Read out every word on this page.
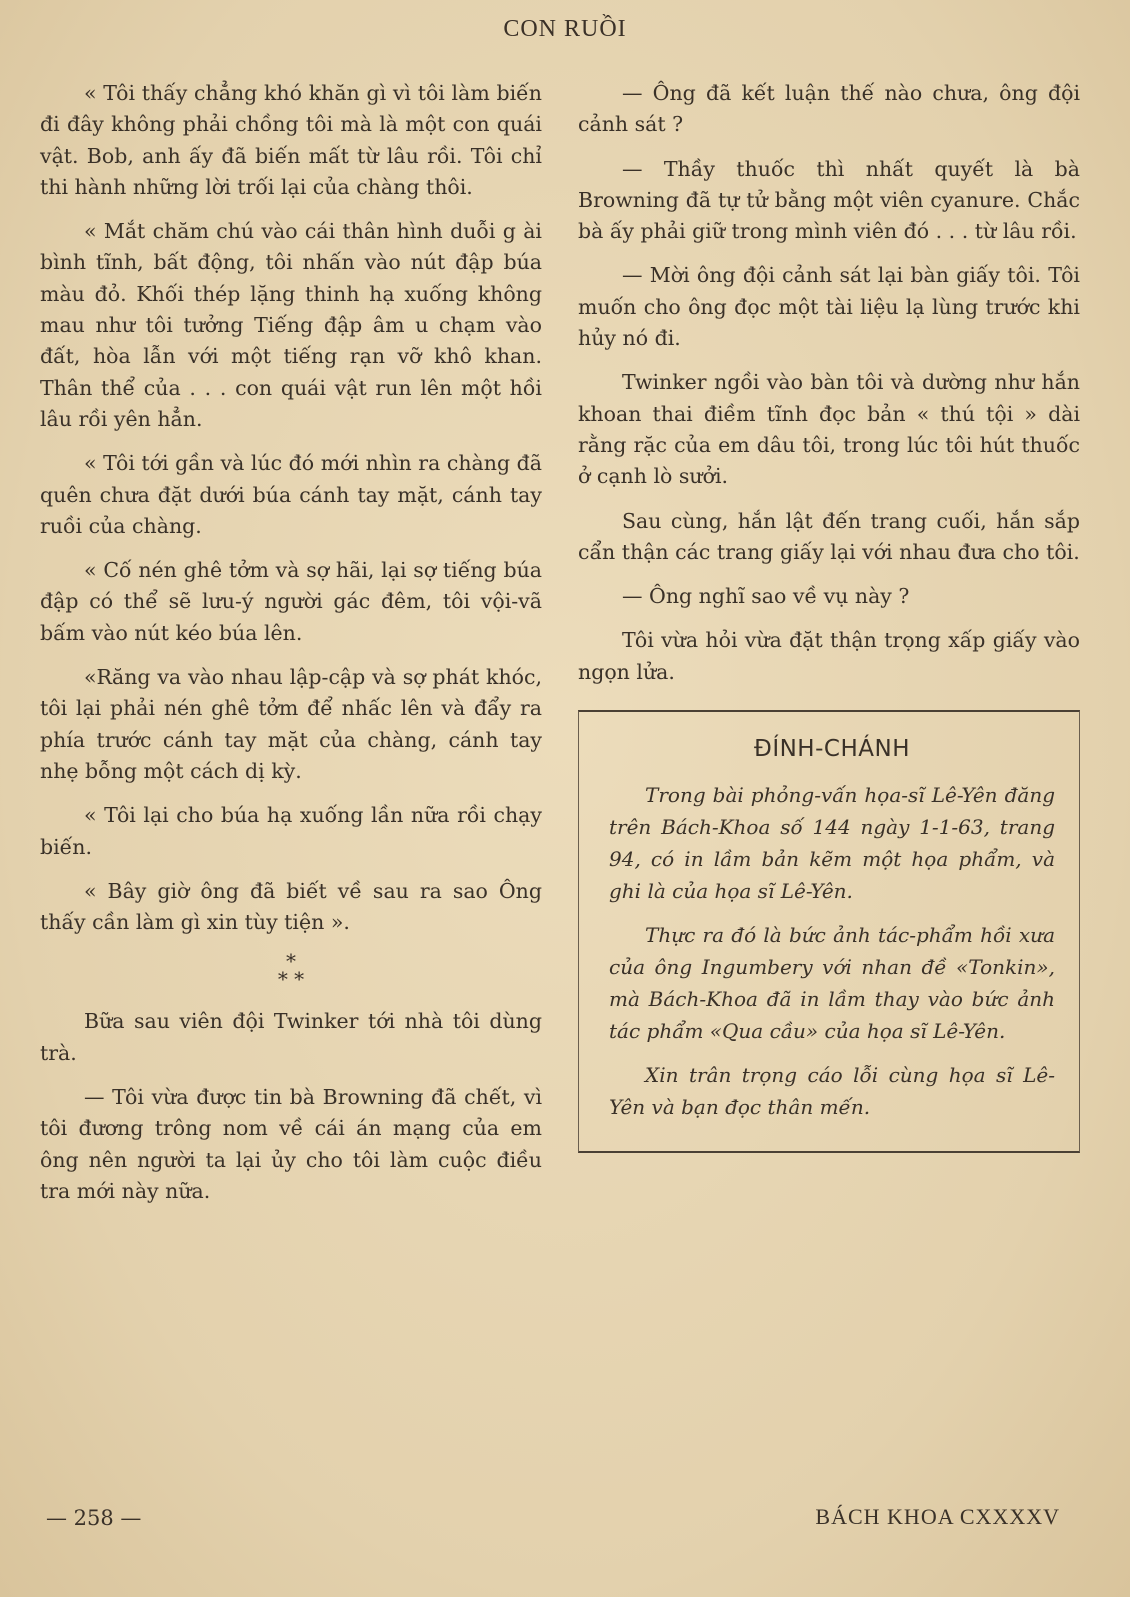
CON RUỒI

« Tôi thấy chẳng khó khăn gì vì tôi làm biến đi đây không phải chồng tôi mà là một con quái vật. Bob, anh ấy đã biến mất từ lâu rồi. Tôi chỉ thi hành những lời trối lại của chàng thôi.

« Mắt chăm chú vào cái thân hình duỗi g ài bình tĩnh, bất động, tôi nhấn vào nút đập búa màu đỏ. Khối thép lặng thinh hạ xuống không mau như tôi tưởng Tiếng đập âm u chạm vào đất, hòa lẫn với một tiếng rạn vỡ khô khan. Thân thể của . . . con quái vật run lên một hồi lâu rồi yên hẳn.

« Tôi tới gần và lúc đó mới nhìn ra chàng đã quên chưa đặt dưới búa cánh tay mặt, cánh tay ruồi của chàng.

« Cố nén ghê tởm và sợ hãi, lại sợ tiếng búa đập có thể sẽ lưu-ý người gác đêm, tôi vội-vã bấm vào nút kéo búa lên.

«Răng va vào nhau lập-cập và sợ phát khóc, tôi lại phải nén ghê tởm để nhấc lên và đẩy ra phía trước cánh tay mặt của chàng, cánh tay nhẹ bỗng một cách dị kỳ.

« Tôi lại cho búa hạ xuống lần nữa rồi chạy biến.

« Bây giờ ông đã biết về sau ra sao Ông thấy cần làm gì xin tùy tiện ».

*
* *

Bữa sau viên đội Twinker tới nhà tôi dùng trà.

— Tôi vừa được tin bà Browning đã chết, vì tôi đương trông nom về cái án mạng của em ông nên người ta lại ủy cho tôi làm cuộc điều tra mới này nữa.

— Ông đã kết luận thế nào chưa, ông đội cảnh sát ?

— Thầy thuốc thì nhất quyết là bà Browning đã tự tử bằng một viên cyanure. Chắc bà ấy phải giữ trong mình viên đó . . . từ lâu rồi.

— Mời ông đội cảnh sát lại bàn giấy tôi. Tôi muốn cho ông đọc một tài liệu lạ lùng trước khi hủy nó đi.

Twinker ngồi vào bàn tôi và dường như hắn khoan thai điềm tĩnh đọc bản « thú tội » dài rằng rặc của em dâu tôi, trong lúc tôi hút thuốc ở cạnh lò sưởi.

Sau cùng, hắn lật đến trang cuối, hắn sắp cẩn thận các trang giấy lại với nhau đưa cho tôi.

— Ông nghĩ sao về vụ này ?

Tôi vừa hỏi vừa đặt thận trọng xấp giấy vào ngọn lửa.

ĐÍNH-CHÁNH

Trong bài phỏng-vấn họa-sĩ Lê-Yên đăng trên Bách-Khoa số 144 ngày 1-1-63, trang 94, có in lầm bản kẽm một họa phẩm, và ghi là của họa sĩ Lê-Yên.

Thực ra đó là bức ảnh tác-phẩm hồi xưa của ông Ingumbery với nhan đề «Tonkin», mà Bách-Khoa đã in lầm thay vào bức ảnh tác phẩm «Qua cầu» của họa sĩ Lê-Yên.

Xin trân trọng cáo lỗi cùng họa sĩ Lê-Yên và bạn đọc thân mến.

— 258 —	BÁCH KHOA CXXXXV
